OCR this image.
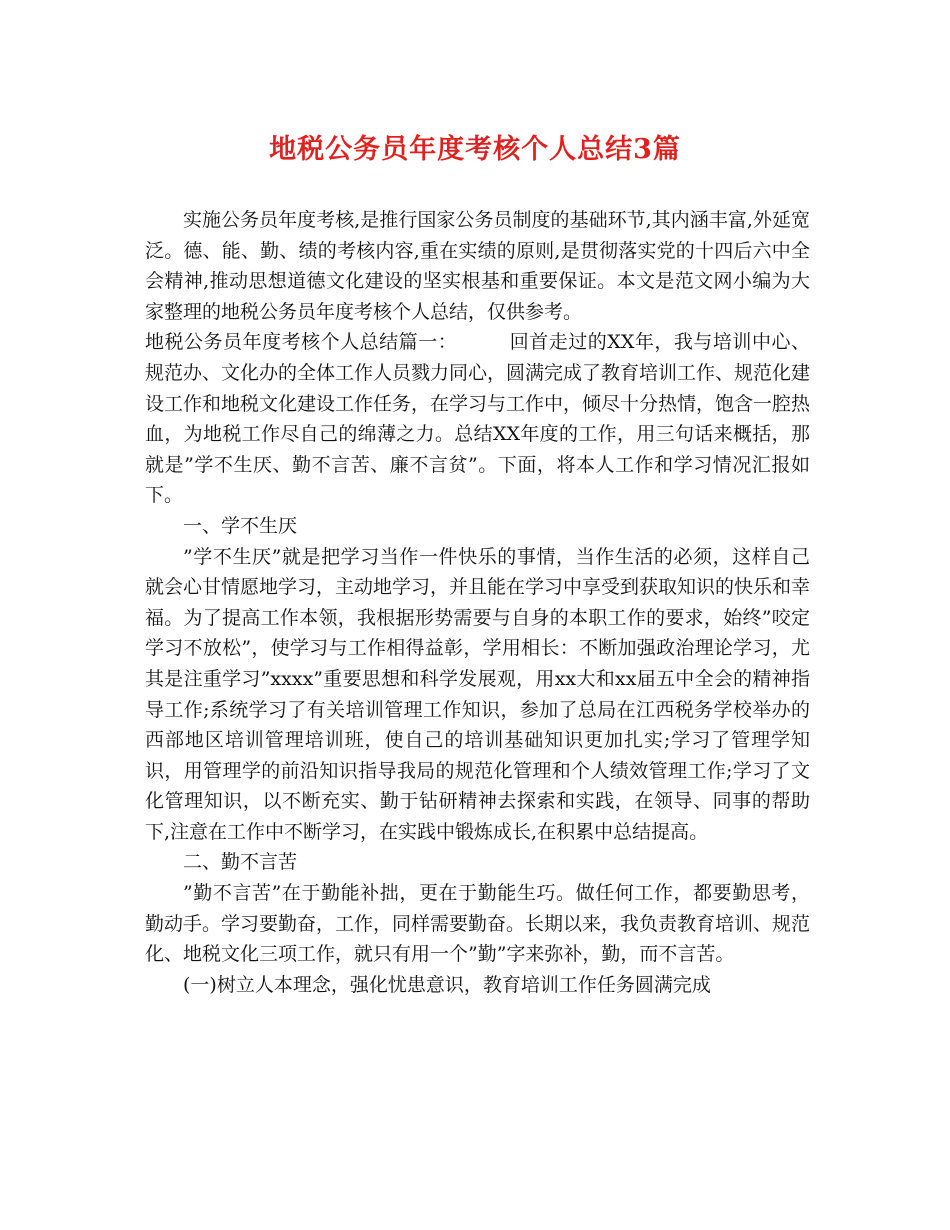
地税公务员年度考核个人总结3篇

实施公务员年度考核,是推行国家公务员制度的基础环节,其内涵丰富,外延宽泛。德、能、勤、绩的考核内容,重在实绩的原则,是贯彻落实党的十四后六中全会精神,推动思想道德文化建设的坚实根基和重要保证。本文是范文网小编为大家整理的地税公务员年度考核个人总结，仅供参考。

地税公务员年度考核个人总结篇一：	回首走过的XX年，我与培训中心、规范办、文化办的全体工作人员戮力同心，圆满完成了教育培训工作、规范化建设工作和地税文化建设工作任务，在学习与工作中，倾尽十分热情，饱含一腔热血，为地税工作尽自己的绵薄之力。总结XX年度的工作，用三句话来概括，那就是”学不生厌、勤不言苦、廉不言贫”。下面，将本人工作和学习情况汇报如下。

一、学不生厌

”学不生厌”就是把学习当作一件快乐的事情，当作生活的必须，这样自己就会心甘情愿地学习，主动地学习，并且能在学习中享受到获取知识的快乐和幸福。为了提高工作本领，我根据形势需要与自身的本职工作的要求，始终”咬定学习不放松”，使学习与工作相得益彰，学用相长：不断加强政治理论学习，尤其是注重学习”xxxx”重要思想和科学发展观，用xx大和xx届五中全会的精神指导工作;系统学习了有关培训管理工作知识，参加了总局在江西税务学校举办的西部地区培训管理培训班，使自己的培训基础知识更加扎实;学习了管理学知识，用管理学的前沿知识指导我局的规范化管理和个人绩效管理工作;学习了文化管理知识，以不断充实、勤于钻研精神去探索和实践，在领导、同事的帮助下,注意在工作中不断学习，在实践中锻炼成长,在积累中总结提高。

二、勤不言苦

”勤不言苦”在于勤能补拙，更在于勤能生巧。做任何工作，都要勤思考，勤动手。学习要勤奋，工作，同样需要勤奋。长期以来，我负责教育培训、规范化、地税文化三项工作，就只有用一个”勤”字来弥补，勤，而不言苦。

(一)树立人本理念，强化忧患意识，教育培训工作任务圆满完成
